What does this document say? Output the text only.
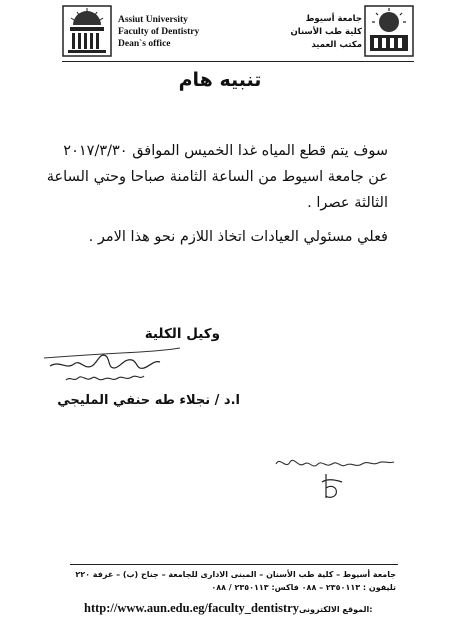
Assiut University
Faculty of Dentistry
Dean`s office
جامعة أسيوط
كلية طب الأسنان
مكتب العميد
تنبيه هام

سوف يتم قطع المياه غدا الخميس الموافق ٢٠١٧/٣/٣٠

عن جامعة اسيوط من الساعة الثامنة صباحا وحتي الساعة

الثالثة عصرا .

فعلي مسئولي العيادات اتخاذ اللازم نحو هذا الامر .

وكيل الكلية
ا.د / نجلاء طه حنفي المليجي
جامعة أسيوط – كلية طب الأسنان – المبنى الادارى للجامعة – جناح (ب) – غرفة ٢٢٠
تليفون : ٢٣٥٠١١٣ – ٠٨٨ فاكس: ٢٣٥٠١١٣ / ٠٨٨
http://www.aun.edu.eg/faculty_dentistryالموقع الالكترونى:
